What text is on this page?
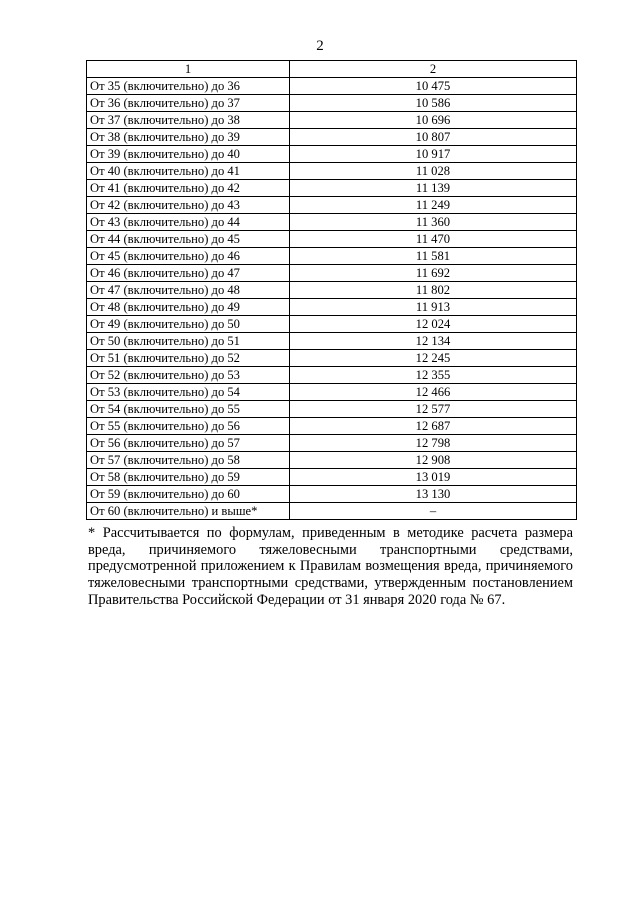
2
1	2
От 35 (включительно) до 36	10 475
От 36 (включительно) до 37	10 586
От 37 (включительно) до 38	10 696
От 38 (включительно) до 39	10 807
От 39 (включительно) до 40	10 917
От 40 (включительно) до 41	11 028
От 41 (включительно) до 42	11 139
От 42 (включительно) до 43	11 249
От 43 (включительно) до 44	11 360
От 44 (включительно) до 45	11 470
От 45 (включительно) до 46	11 581
От 46 (включительно) до 47	11 692
От 47 (включительно) до 48	11 802
От 48 (включительно) до 49	11 913
От 49 (включительно) до 50	12 024
От 50 (включительно) до 51	12 134
От 51 (включительно) до 52	12 245
От 52 (включительно) до 53	12 355
От 53 (включительно) до 54	12 466
От 54 (включительно) до 55	12 577
От 55 (включительно) до 56	12 687
От 56 (включительно) до 57	12 798
От 57 (включительно) до 58	12 908
От 58 (включительно) до 59	13 019
От 59 (включительно) до 60	13 130
От 60 (включительно) и выше*	–
* Рассчитывается по формулам, приведенным в методике расчета размера вреда, причиняемого тяжеловесными транспортными средствами, предусмотренной приложением к Правилам возмещения вреда, причиняемого тяжеловесными транспортными средствами, утвержденным постановлением Правительства Российской Федерации от 31 января 2020 года № 67.
